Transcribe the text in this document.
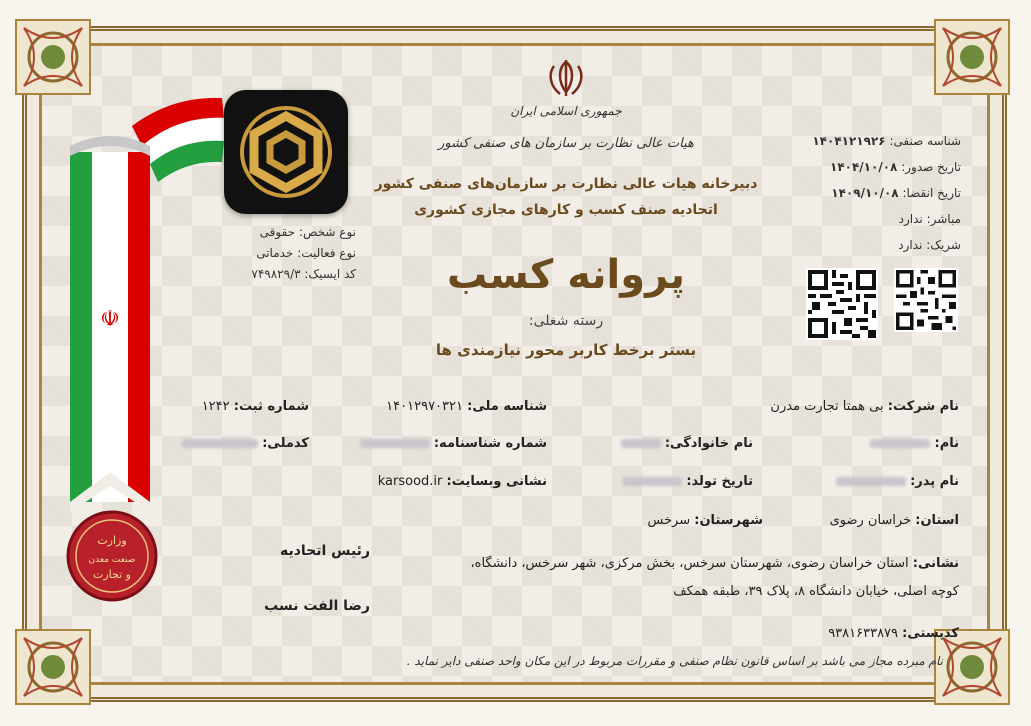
☫
وزارت
صنعت معدن
و تجارت
جمهوری اسلامی ایران
هیات عالی نظارت بر سازمان های صنفی کشور
دبیرخانه هیات عالی نظارت بر سازمان‌های صنفی کشور
اتحادیه صنف کسب و کارهای مجازی کشوری
پروانه کسب
رسته شغلی:
بستر برخط کاربر محور نیازمندی ها
شناسه صنفی: ۱۴۰۴۱۲۱۹۲۶
تاریخ صدور: ۱۴۰۴/۱۰/۰۸
تاریخ انقضا: ۱۴۰۹/۱۰/۰۸
مباشر: ندارد
شریک: ندارد
نوع شخص: حقوقی
نوع فعالیت: خدماتی
کد ایسیک: ۷۴۹۸۲۹/۳
نام شرکت: بی همتا تجارت مدرن
شناسه ملی: ۱۴۰۱۲۹۷۰۳۲۱
شماره ثبت: ۱۲۴۲
نام:
نام خانوادگی:
شماره شناسنامه:
کدملی:
نام پدر:
تاریخ تولد:
نشانی وبسایت: karsood.ir
استان: خراسان رضوی
شهرستان: سرخس
نشانی: استان خراسان رضوی، شهرستان سرخس، بخش مرکزی، شهر سرخس، دانشگاه،
کوچه اصلی، خیابان دانشگاه ۸، پلاک ۳۹، طبقه همکف
کدپستی: ۹۳۸۱۶۳۳۸۷۹
رئیس اتحادیه
رضا الفت نسب
نام مبرده مجاز می باشد بر اساس قانون نظام صنفی و مقررات مربوط در این مکان واحد صنفی دایر نماید .
